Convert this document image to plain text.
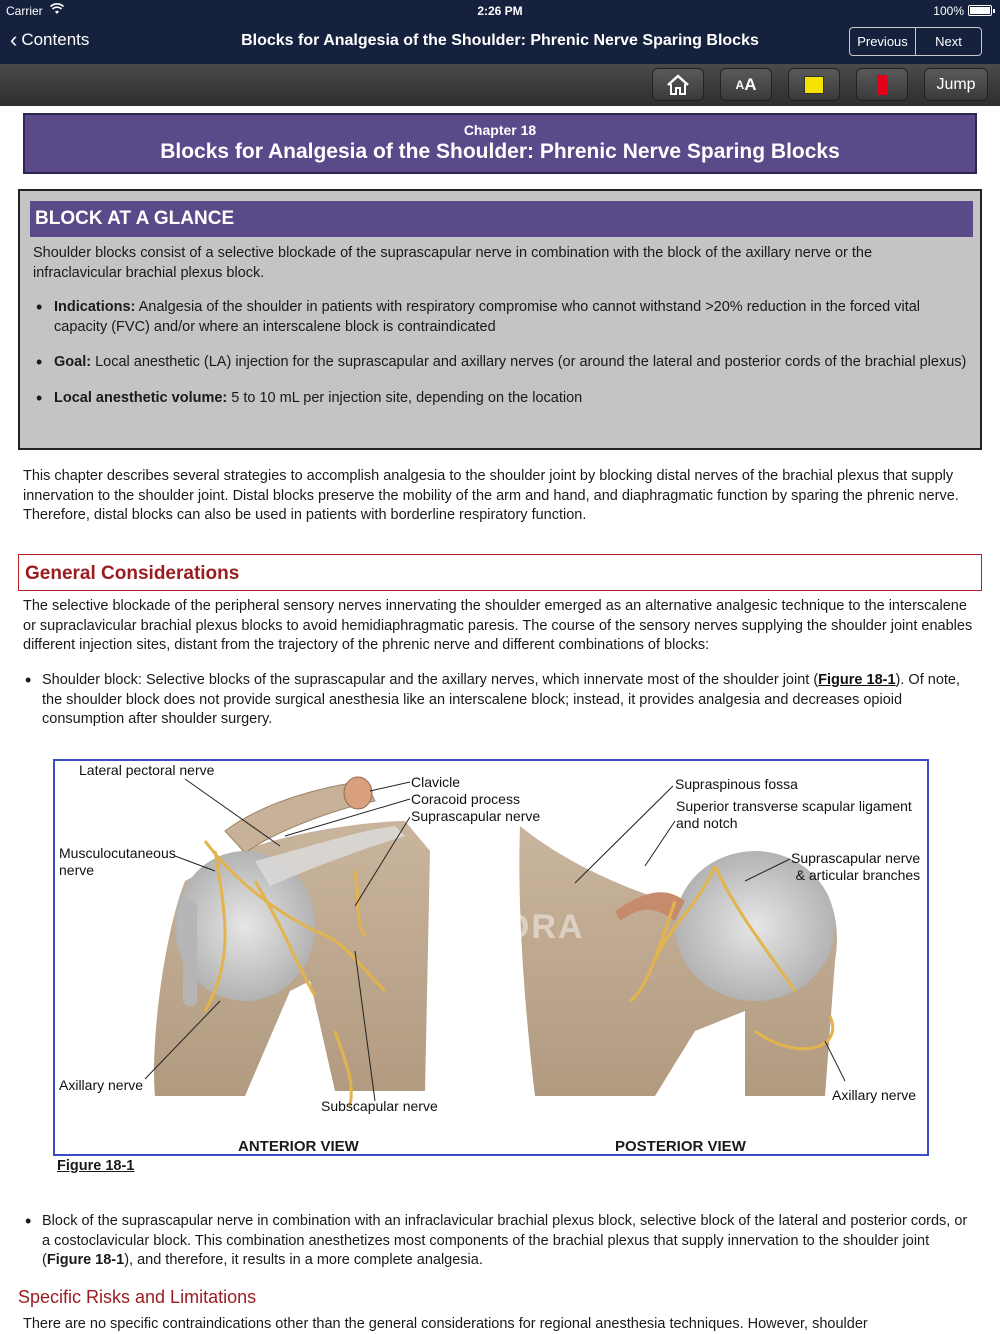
Carrier	2:26 PM	100%
‹ Contents	Blocks for Analgesia of the Shoulder: Phrenic Nerve Sparing Blocks	Previous	Next
A A	Jump
Chapter 18
Blocks for Analgesia of the Shoulder: Phrenic Nerve Sparing Blocks
BLOCK AT A GLANCE
Shoulder blocks consist of a selective blockade of the suprascapular nerve in combination with the block of the axillary nerve or the infraclavicular brachial plexus block.
• Indications: Analgesia of the shoulder in patients with respiratory compromise who cannot withstand >20% reduction in the forced vital capacity (FVC) and/or where an interscalene block is contraindicated
• Goal: Local anesthetic (LA) injection for the suprascapular and axillary nerves (or around the lateral and posterior cords of the brachial plexus)
• Local anesthetic volume: 5 to 10 mL per injection site, depending on the location
This chapter describes several strategies to accomplish analgesia to the shoulder joint by blocking distal nerves of the brachial plexus that supply innervation to the shoulder joint. Distal blocks preserve the mobility of the arm and hand, and diaphragmatic function by sparing the phrenic nerve. Therefore, distal blocks can also be used in patients with borderline respiratory function.
General Considerations
The selective blockade of the peripheral sensory nerves innervating the shoulder emerged as an alternative analgesic technique to the interscalene or supraclavicular brachial plexus blocks to avoid hemidiaphragmatic paresis. The course of the sensory nerves supplying the shoulder joint enables different injection sites, distant from the trajectory of the phrenic nerve and different combinations of blocks:
• Shoulder block: Selective blocks of the suprascapular and the axillary nerves, which innervate most of the shoulder joint (Figure 18-1). Of note, the shoulder block does not provide surgical anesthesia like an interscalene block; instead, it provides analgesia and decreases opioid consumption after shoulder surgery.
Lateral pectoral nerve
Clavicle
Coracoid process
Suprascapular nerve
Musculocutaneous
nerve
Axillary nerve
Subscapular nerve
Supraspinous fossa
Superior transverse scapular ligament
and notch
Suprascapular nerve
& articular branches
Axillary nerve
NYSORA
ANTERIOR VIEW	POSTERIOR VIEW
Figure 18-1
• Block of the suprascapular nerve in combination with an infraclavicular brachial plexus block, selective block of the lateral and posterior cords, or a costoclavicular block. This combination anesthetizes most components of the brachial plexus that supply innervation to the shoulder joint (Figure 18-1), and therefore, it results in a more complete analgesia.
Specific Risks and Limitations
There are no specific contraindications other than the general considerations for regional anesthesia techniques. However, shoulder
